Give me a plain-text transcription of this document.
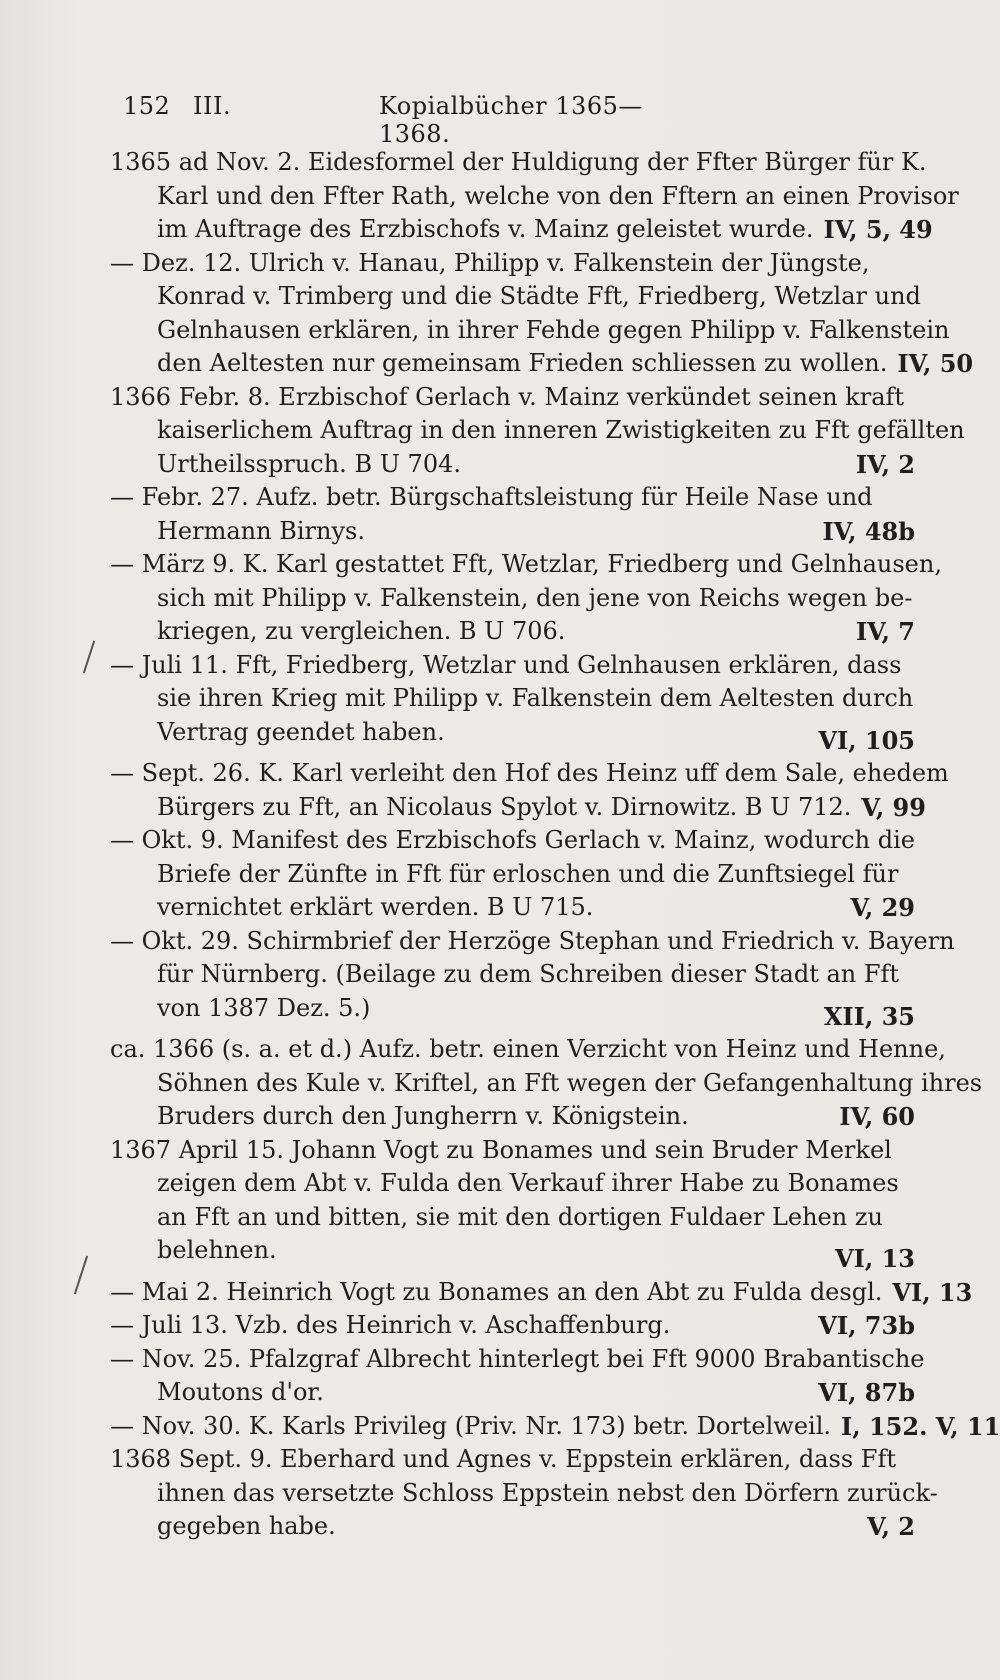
152 III.	Kopialbücher 1365—1368.
1365 ad Nov. 2. Eidesformel der Huldigung der Ffter Bürger für K.
Karl und den Ffter Rath, welche von den Fftern an einen Provisor
im Auftrage des Erzbischofs v. Mainz geleistet wurde. IV, 5, 49
— Dez. 12. Ulrich v. Hanau, Philipp v. Falkenstein der Jüngste,
Konrad v. Trimberg und die Städte Fft, Friedberg, Wetzlar und
Gelnhausen erklären, in ihrer Fehde gegen Philipp v. Falkenstein
den Aeltesten nur gemeinsam Frieden schliessen zu wollen. IV, 50
1366 Febr. 8. Erzbischof Gerlach v. Mainz verkündet seinen kraft
kaiserlichem Auftrag in den inneren Zwistigkeiten zu Fft gefällten
Urtheilsspruch. B U 704.	IV, 2
— Febr. 27. Aufz. betr. Bürgschaftsleistung für Heile Nase und
Hermann Birnys.	IV, 48b
— März 9. K. Karl gestattet Fft, Wetzlar, Friedberg und Gelnhausen,
sich mit Philipp v. Falkenstein, den jene von Reichs wegen be-
kriegen, zu vergleichen. B U 706.	IV, 7
— Juli 11. Fft, Friedberg, Wetzlar und Gelnhausen erklären, dass
sie ihren Krieg mit Philipp v. Falkenstein dem Aeltesten durch
Vertrag geendet haben.	VI, 105
— Sept. 26. K. Karl verleiht den Hof des Heinz uff dem Sale, ehedem
Bürgers zu Fft, an Nicolaus Spylot v. Dirnowitz. B U 712. V, 99
— Okt. 9. Manifest des Erzbischofs Gerlach v. Mainz, wodurch die
Briefe der Zünfte in Fft für erloschen und die Zunftsiegel für
vernichtet erklärt werden. B U 715.	V, 29
— Okt. 29. Schirmbrief der Herzöge Stephan und Friedrich v. Bayern
für Nürnberg. (Beilage zu dem Schreiben dieser Stadt an Fft
von 1387 Dez. 5.)	XII, 35
ca. 1366 (s. a. et d.) Aufz. betr. einen Verzicht von Heinz und Henne,
Söhnen des Kule v. Kriftel, an Fft wegen der Gefangenhaltung ihres
Bruders durch den Jungherrn v. Königstein.	IV, 60
1367 April 15. Johann Vogt zu Bonames und sein Bruder Merkel
zeigen dem Abt v. Fulda den Verkauf ihrer Habe zu Bonames
an Fft an und bitten, sie mit den dortigen Fuldaer Lehen zu
belehnen.	VI, 13
— Mai 2. Heinrich Vogt zu Bonames an den Abt zu Fulda desgl. VI, 13
— Juli 13. Vzb. des Heinrich v. Aschaffenburg.	VI, 73b
— Nov. 25. Pfalzgraf Albrecht hinterlegt bei Fft 9000 Brabantische
Moutons d'or.	VI, 87b
— Nov. 30. K. Karls Privileg (Priv. Nr. 173) betr. Dortelweil. I, 152. V, 11
1368 Sept. 9. Eberhard und Agnes v. Eppstein erklären, dass Fft
ihnen das versetzte Schloss Eppstein nebst den Dörfern zurück-
gegeben habe.	V, 2
